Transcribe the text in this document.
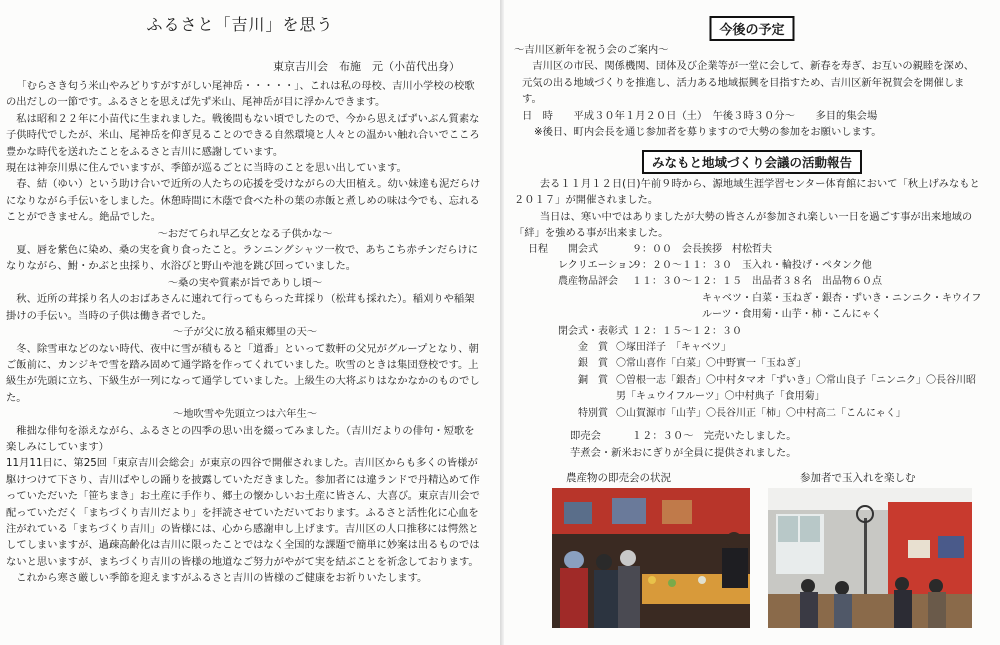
ふるさと「吉川」を思う
東京吉川会　布施　元（小苗代出身）

「むらさき匂う米山やみどりすがすがしい尾神岳・・・・・」、これは私の母校、吉川小学校の校歌の出だしの一節です。ふるさとを思えば先ず米山、尾神岳が目に浮かんできます。

私は昭和２２年に小苗代に生まれました。戦後間もない頃でしたので、今から思えばずいぶん質素な子供時代でしたが、米山、尾神岳を仰ぎ見ることのできる自然環境と人々との温かい触れ合いでこころ豊かな時代を送れたことをふるさと吉川に感謝しています。

現在は神奈川県に住んでいますが、季節が巡るごとに当時のことを思い出しています。

春、結（ゆい）という助け合いで近所の人たちの応援を受けながらの大田植え。幼い妹達も泥だらけになりながら手伝いをしました。休憩時間に木蔭で食べた朴の葉の赤飯と煮しめの味は今でも、忘れることができません。絶品でした。

～おだてられ早乙女となる子供かな～

夏、唇を紫色に染め、桑の実を貪り食ったこと。ランニングシャツ一枚で、あちこち赤チンだらけになりながら、鮒・かぶと虫採り、水浴びと野山や池を跳び回っていました。

～桑の実や質素が旨でありし頃～

秋、近所の茸採り名人のおばあさんに連れて行ってもらった茸採り（松茸も採れた）。稲刈りや稲架掛けの手伝い。当時の子供は働き者でした。

～子が父に放る稲束郷里の天～

冬、除雪車などのない時代、夜中に雪が積もると「道番」といって数軒の父兄がグループとなり、朝ご飯前に、カンジキで雪を踏み固めて通学路を作ってくれていました。吹雪のときは集団登校です。上級生が先頭に立ち、下級生が一列になって通学していました。上級生の大将ぶりはなかなかのものでした。

～地吹雪や先頭立つは六年生～

稚拙な俳句を添えながら、ふるさとの四季の思い出を綴ってみました。（吉川だよりの俳句・短歌を楽しみにしています）

11月11日に、第25回「東京吉川会総会」が東京の四谷で開催されました。吉川区からも多くの皆様が駆けつけて下さり、吉川ばやしの踊りを披露していただきました。参加者には違ランドで丹精込めて作っていただいた「笹ちまき」お土産に手作り、郷土の懐かしいお土産に皆さん、大喜び。東京吉川会で配っていただく「まちづくり吉川だより」を拝読させていただいております。ふるさと活性化に心血を注がれている「まちづくり吉川」の皆様には、心から感謝申し上げます。吉川区の人口推移には愕然としてしまいますが、過疎高齢化は吉川に限ったことではなく全国的な課題で簡単に妙案は出るものではないと思いますが、まちづくり吉川の皆様の地道なご努力がやがて実を結ぶことを祈念しております。

これから寒さ厳しい季節を迎えますがふるさと吉川の皆様のご健康をお祈りいたします。

今後の予定

～吉川区新年を祝う会のご案内～

吉川区の市民、関係機関、団体及び企業等が一堂に会して、新春を寿ぎ、お互いの親睦を深め、元気の出る地域づくりを推進し、活力ある地域振興を目指すため、吉川区新年祝賀会を開催します。

日　時　　平成３０年１月２０日（土）　午後３時３０分～　　多目的集会場

※後日、町内会長を通じ参加者を募りますので大勢の参加をお願いします。

みなもと地域づくり会議の活動報告

去る１１月１２日(日)午前９時から、源地域生涯学習センター体育館において「秋上げみなもと２０１７」が開催されました。

当日は、寒い中ではありましたが大勢の皆さんが参加され楽しい一日を過ごす事が出来地域の「絆」を強める事が出来ました。

日程　　開会式	９：００　会長挨拶　村松哲夫
レクリエーション
９：２０～１１：３０　玉入れ・輪投げ・ペタンク他
農産物品評会	１１：３０～１２：１５　出品者３８名　出品物６０点
キャベツ・白菜・玉ねぎ・銀杏・ずいき・ニンニク・キウイフルーツ・食用菊・山芋・柿・こんにゃく
閉会式・表彰式 １２：１５～１２：３０
金　賞 〇塚田洋子　「キャベツ」
銀　賞 〇常山喜作「白菜」〇中野實一「玉ねぎ」
銅　賞 〇曽根一志「銀杏」〇中村タマオ「ずいき」〇常山良子「ニンニク」〇長谷川昭男「キュウイフルーツ」〇中村典子「食用菊」
特別賞 〇山賀源市「山芋」〇長谷川正「柿」〇中村高二「こんにゃく」

即売会　　　１２：３０～　完売いたしました。

芋煮会・新米おにぎりが全員に提供されました。

農産物の即売会の状況	参加者で玉入れを楽しむ
